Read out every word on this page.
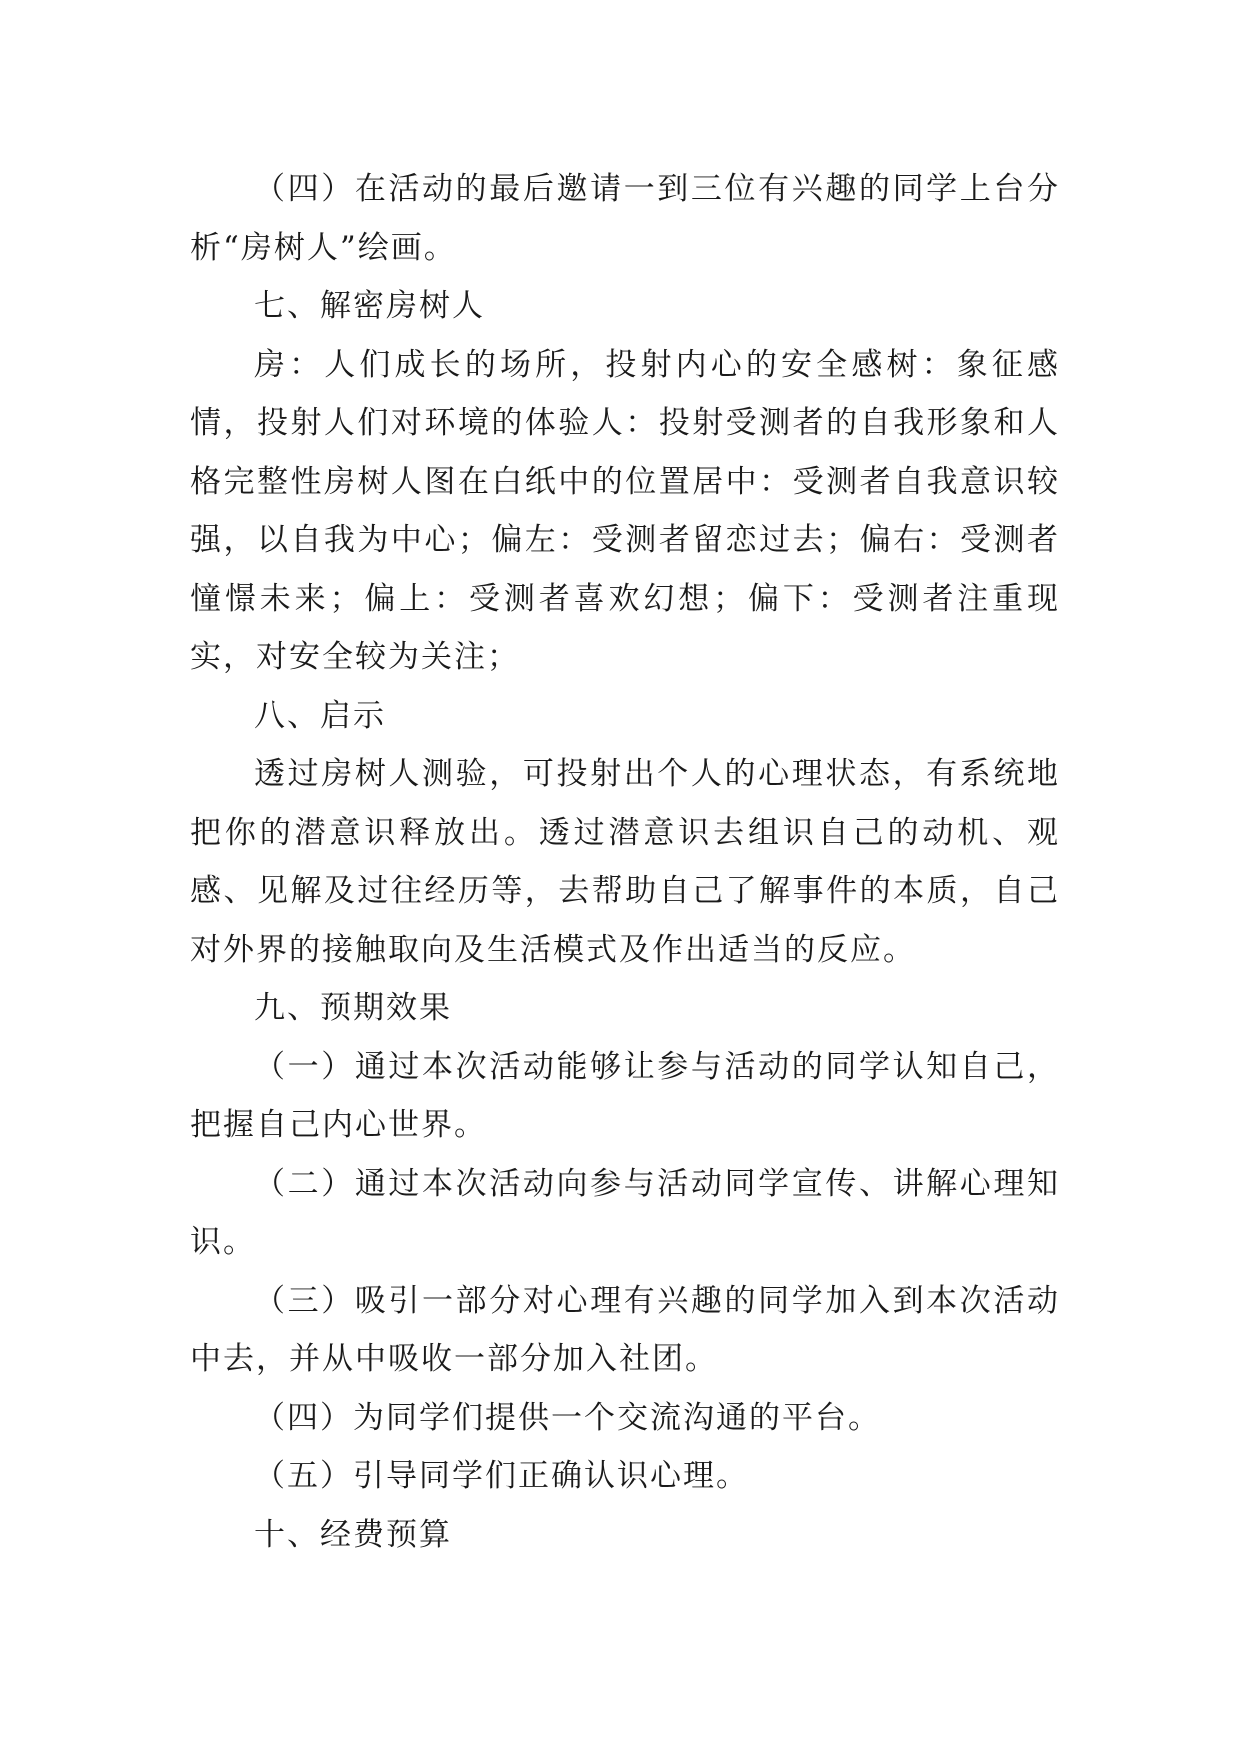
（四）在活动的最后邀请一到三位有兴趣的同学上台分析“房树人”绘画。

七、解密房树人

房：人们成长的场所，投射内心的安全感树：象征感情，投射人们对环境的体验人：投射受测者的自我形象和人格完整性房树人图在白纸中的位置居中：受测者自我意识较强，以自我为中心；偏左：受测者留恋过去；偏右：受测者憧憬未来；偏上：受测者喜欢幻想；偏下：受测者注重现实，对安全较为关注；

八、启示

透过房树人测验，可投射出个人的心理状态，有系统地把你的潜意识释放出。透过潜意识去组识自己的动机、观感、见解及过往经历等，去帮助自己了解事件的本质，自己对外界的接触取向及生活模式及作出适当的反应。

九、预期效果

（一）通过本次活动能够让参与活动的同学认知自己，把握自己内心世界。

（二）通过本次活动向参与活动同学宣传、讲解心理知识。

（三）吸引一部分对心理有兴趣的同学加入到本次活动中去，并从中吸收一部分加入社团。

（四）为同学们提供一个交流沟通的平台。

（五）引导同学们正确认识心理。

十、经费预算
